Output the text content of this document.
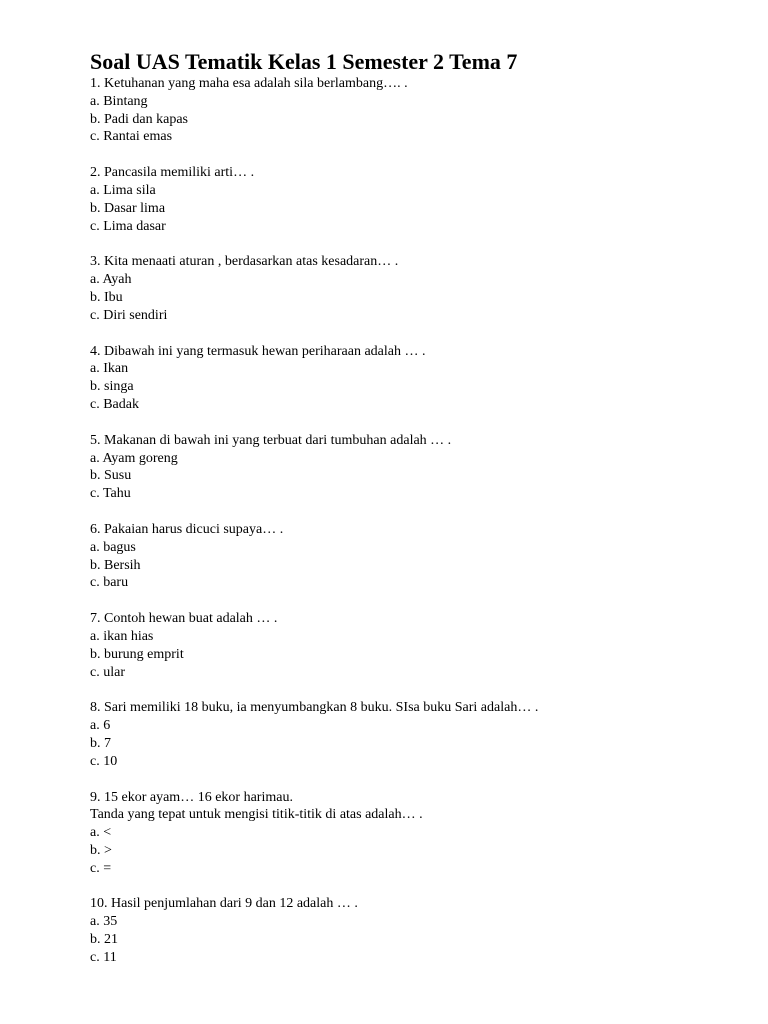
Soal UAS Tematik Kelas 1 Semester 2 Tema 7
1. Ketuhanan yang maha esa adalah sila berlambang…. .
a. Bintang
b. Padi dan kapas
c. Rantai emas
2. Pancasila memiliki arti… .
a. Lima sila
b. Dasar lima
c. Lima dasar
3. Kita menaati aturan , berdasarkan atas kesadaran… .
a. Ayah
b. Ibu
c. Diri sendiri
4. Dibawah ini yang termasuk hewan periharaan adalah … .
a. Ikan
b. singa
c. Badak
5. Makanan di bawah ini yang terbuat dari tumbuhan adalah … .
a. Ayam goreng
b. Susu
c. Tahu
6. Pakaian harus dicuci supaya… .
a. bagus
b. Bersih
c. baru
7. Contoh hewan buat adalah … .
a. ikan hias
b. burung emprit
c. ular
8. Sari memiliki 18 buku, ia menyumbangkan 8 buku. SIsa buku Sari adalah… .
a. 6
b. 7
c. 10
9. 15 ekor ayam… 16 ekor harimau.
Tanda yang tepat untuk mengisi titik-titik di atas adalah… .
a. <
b. >
c. =
10. Hasil penjumlahan dari 9 dan 12 adalah … .
a. 35
b. 21
c. 11
